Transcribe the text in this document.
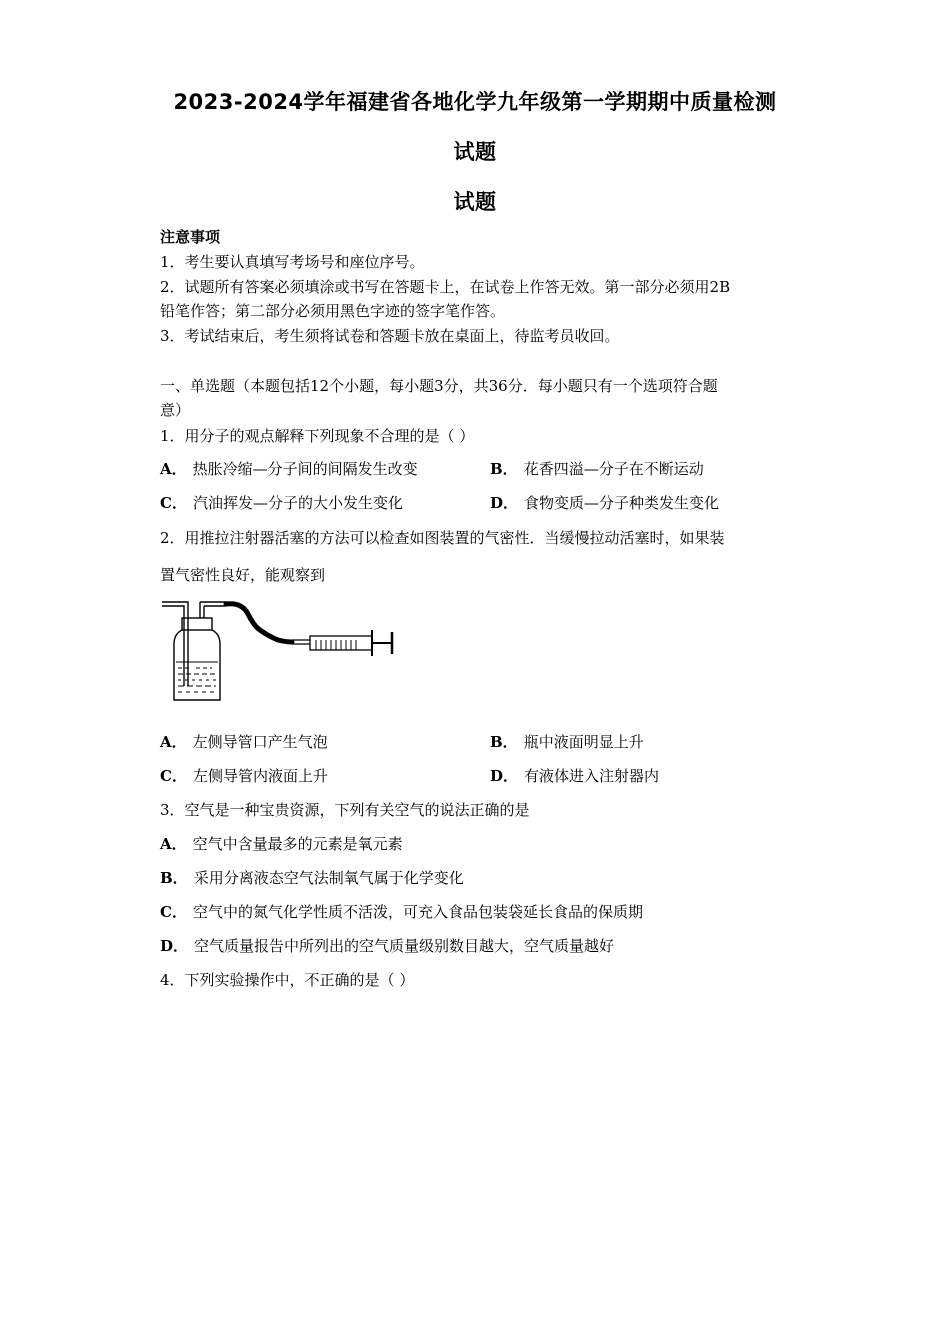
2023-2024学年福建省各地化学九年级第一学期期中质量检测
试题
试题
注意事项
1．考生要认真填写考场号和座位序号。
2．试题所有答案必须填涂或书写在答题卡上，在试卷上作答无效。第一部分必须用2B
铅笔作答；第二部分必须用黑色字迹的签字笔作答。
3．考试结束后，考生须将试卷和答题卡放在桌面上，待监考员收回。
一、单选题（本题包括12个小题，每小题3分，共36分．每小题只有一个选项符合题
意）
1．用分子的观点解释下列现象不合理的是（ ）
A． 热胀冷缩—分子间的间隔发生改变	B． 花香四溢—分子在不断运动
C． 汽油挥发—分子的大小发生变化	D． 食物变质—分子种类发生变化
2．用推拉注射器活塞的方法可以检查如图装置的气密性．当缓慢拉动活塞时，如果装
置气密性良好，能观察到
A． 左侧导管口产生气泡	B． 瓶中液面明显上升
C． 左侧导管内液面上升	D． 有液体进入注射器内
3．空气是一种宝贵资源，下列有关空气的说法正确的是
A． 空气中含量最多的元素是氧元素
B． 采用分离液态空气法制氧气属于化学变化
C． 空气中的氮气化学性质不活泼，可充入食品包装袋延长食品的保质期
D． 空气质量报告中所列出的空气质量级别数目越大，空气质量越好
4．下列实验操作中，不正确的是（ ）
